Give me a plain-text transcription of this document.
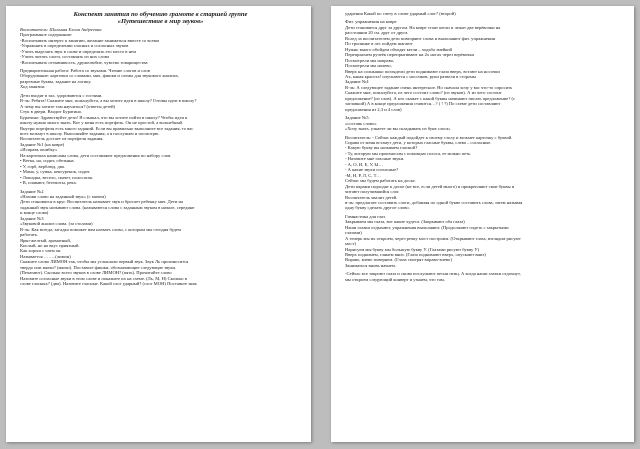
Конспект занятия по обучению грамоте в старшей группе
«Путешествие в мир звуков»
Воспитатель: Шальная Елена Андреевна
Программное содержание:
-Воспитывать интерес к занятию, желание заниматься вместе со всеми
-Упражнять в определении гласных и согласных звуков
-Учить выделять звук в слове и определять его место в нем
-Учить читать слоги, составлять из них слова
-Воспитывать отзывчивость, дружелюбие, чувство товарищества
Предварительная работа: Работа со звуками. Чтение слогов и слов
Оборудование: карточки со словами, мяч, фишки и схемы для звукового анализа,
разрезные буквы, задание на логику.
Ход занятия:
Дети входят в зал, здороваются с гостями.
В-ль: Ребята! Скажите мне, пожалуйста, а вы хотите идти в школу? Готовы идти в школу?
А чему вы хотите там научиться? (ответы детей)
Стук в двери. Входит Буратино.
Буратино: Здравствуйте дети! Я слышал, что вы хотите пойти в школу? Чтобы идти в
школу нужно много знать. Вот у меня есть портфель. Он не простой, а волшебный.
Внутри портфеля есть много заданий. Если вы правильно выполните все задания, то вас
всех возьмут в школу. Выполняйте задания, а я послушаю и посмотрю.
Воспитатель достает из портфеля задания.
Задание №1 (на ковре)
«Исправь ошибку»
На карточках написаны слова, дети составляют предложения по набору слов.
• Ветка, на, сидит, обезьяна.
• У, горб, верблюд, два.
• Мама, у, сумка, кенгуренок, сидит.
• Лошадка, весело, скачет, полосатая.
• В, плавают, бегемоты, река.
Задание №2
«Назови слово на заданный звук» (с мячом)
Дети становятся в круг. Воспитатель называет звук и бросает ребенку мяч. Дети на
заданный звук называют слова. (называются слова с заданным звуком в начале, середине
и конце слова)
Задание №3
«Звуковой анализ слова. (за столами)
В-ль: Как всегда, загадка поможет вам назвать слово, с которым мы сегодня будем
работать.
Ярко-желтый, ароматный,
Кислый, но на вкус приятный.
Как хорош с чаем он
Называется ……..(лимон)
Скажите слово ЛИМОН так, чтобы мы услышали первый звук. Звук Ль произносится
твердо или мягко? (мягко). Поставьте фишки, обозначающие следующие звуки.
(Печатают). Сколько всего звуков в слове ЛИМОН? (пять). Прочитайте слово
Назовите согласные звуки в этом слове и покажите их на схеме. (Ль, М, Н) Сколько в
слове гласных? (два). Назовите гласные. Какой слог ударный? (слог МОН) Поставьте знак
ударения Какой по счету в слове ударный слог? (второй)
Физ. упражнения на ковре
Дети становятся друг за другом. На ковре стоят кегли и лежат две верёвочки на
расстоянии 20 см. друг от друга.
Вслед за воспитателем дети повторяют слова и выполняют физ. упражнения
По тропинке в лес пойдем шагают
Нужно много обойдем обходят кегли – ходьба змейкой
Перепрыгнем ручеёк перепрыгивают на 2х ногах через верёвочки
Посмотрели мы направо,
Посмотрели мы налево,
Вверх на солнышко поглядели дети поднимают глаза вверх, встают на носочки
Ах, какая красота! опускаются с носочков, руки развели в стороны
Задание №4
В-ль: А следующее задание очень интересное. Но сначала хочу у вас что-то спросить
Скажите мне, пожалуйста, из чего состоит слово? (из звуков). А из чего состоит
предложение? (из слов). А кто скажет с какой буквы начинают писать предложение? (с
заглавной) А в конце предложения ставится…? ( ! ?) По схеме дети составляют
предложения из 2,3 и 4 слов)
Задание №5.
«составь слово»
«Хочу знать, узнаете ли вы складывать из букв слога»
Воспитатель: - Сейчас каждый подойдет к своему столу и возьмет карточку с буквой.
Справа от меня встанут дети, у которых гласные буквы, слева – согласные.
- Какую букву вы называем гласной?
- Ту, которую мы произносим с помощью голоса, ее можно петь.
- Назовите мне гласные звуки.
- А, О, И, Е, У, Ы…
- А какие звуки согласные?
-М, Н, Р, Л, С, Т…
Сейчас мы будем работать на доске.
Дети парами подходят к доске (не все, если детей много) и прикрепляют свои буквы и
читают получившийся слог.
Воспитатель хвалит детей.
в-ль: предлагает составить слоги, добавляя по одной букве составить слова, затем называя
одну букву сделать другое слово.
Гимнастика для глаз.
Закрываем мы глаза, вот какие чудеса. (Закрывают оба глаза)
Наши глазки отдыхают, упражнения выполняют. (Продолжают сидеть с закрытыми
глазами)
А теперь мы их откроем, через речку мост построим. (Открывают глаза, взглядом рисуют
мост)
Нарисуем мы букву мы большую букву У. (Глазами рисуют букву У)
Вверх поднимем, глянем вниз. (Глаза поднимают вверх, опускают вниз)
Вправо, влево повернем. (Глаза смотрят вправо-влево)
Заниматься вновь начнем.
-Сейчас все закроют глаза и снова послушают песни птиц. А когда наши глазки отдохнут,
мы откроем следующий конверт и узнаем, что там.
